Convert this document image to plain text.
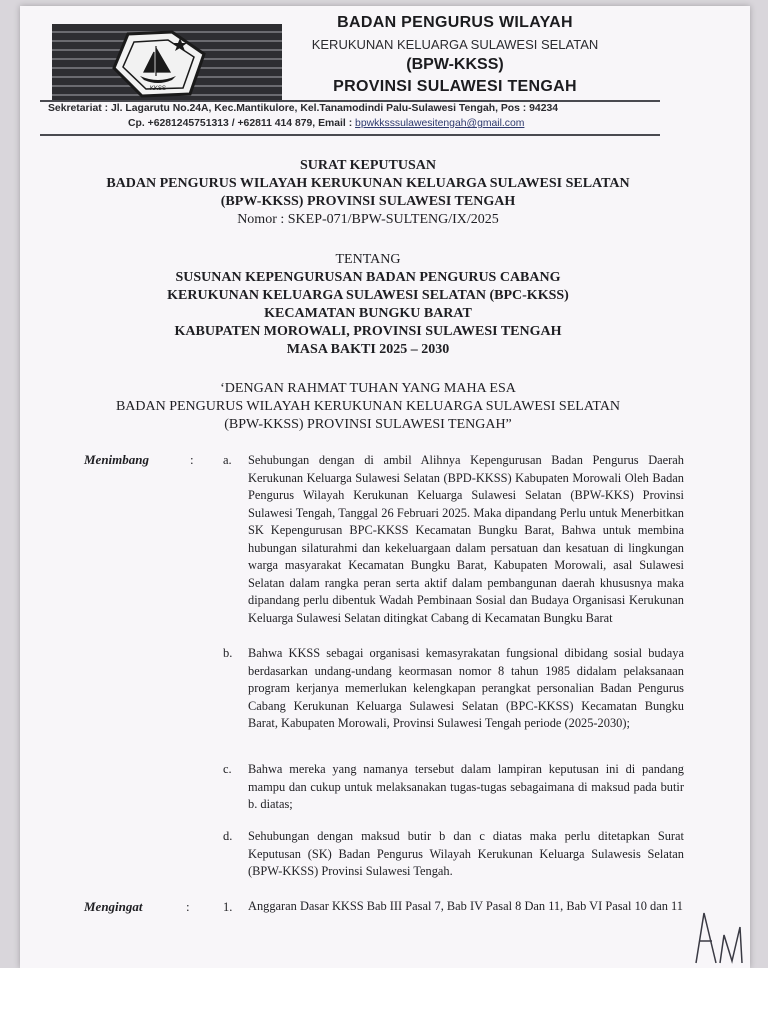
KKSS
BADAN PENGURUS WILAYAH
KERUKUNAN KELUARGA SULAWESI SELATAN
(BPW-KKSS)
PROVINSI SULAWESI TENGAH
Sekretariat : Jl. Lagarutu No.24A, Kec.Mantikulore, Kel.Tanamodindi Palu-Sulawesi Tengah, Pos : 94234
Cp. +6281245751313 / +62811 414 879, Email : bpwkksssulawesitengah@gmail.com
SURAT KEPUTUSAN
BADAN PENGURUS WILAYAH KERUKUNAN KELUARGA SULAWESI SELATAN
(BPW-KKSS) PROVINSI SULAWESI TENGAH
Nomor : SKEP-071/BPW-SULTENG/IX/2025
TENTANG
SUSUNAN KEPENGURUSAN BADAN PENGURUS CABANG
KERUKUNAN KELUARGA SULAWESI SELATAN (BPC-KKSS)
KECAMATAN BUNGKU BARAT
KABUPATEN MOROWALI, PROVINSI SULAWESI TENGAH
MASA BAKTI 2025 – 2030
‘DENGAN RAHMAT TUHAN YANG MAHA ESA
BADAN PENGURUS WILAYAH KERUKUNAN KELUARGA SULAWESI SELATAN
(BPW-KKSS) PROVINSI SULAWESI TENGAH”
Menimbang	: a. Sehubungan dengan di ambil Alihnya Kepengurusan Badan Pengurus Daerah Kerukunan Keluarga Sulawesi Selatan (BPD-KKSS) Kabupaten Morowali Oleh Badan Pengurus Wilayah Kerukunan Keluarga Sulawesi Selatan (BPW-KKS) Provinsi Sulawesi Tengah, Tanggal 26 Februari 2025. Maka dipandang Perlu untuk Menerbitkan SK Kepengurusan BPC-KKSS Kecamatan Bungku Barat, Bahwa untuk membina hubungan silaturahmi dan kekeluargaan dalam persatuan dan kesatuan di lingkungan warga masyarakat Kecamatan Bungku Barat, Kabupaten Morowali, asal Sulawesi Selatan dalam rangka peran serta aktif dalam pembangunan daerah khususnya maka dipandang perlu dibentuk Wadah Pembinaan Sosial dan Budaya Organisasi Kerukunan Keluarga Sulawesi Selatan ditingkat Cabang di Kecamatan Bungku Barat
b. Bahwa KKSS sebagai organisasi kemasyrakatan fungsional dibidang sosial budaya berdasarkan undang-undang keormasan nomor 8 tahun 1985 didalam pelaksanaan program kerjanya memerlukan kelengkapan perangkat personalian Badan Pengurus Cabang Kerukunan Keluarga Sulawesi Selatan (BPC-KKSS) Kecamatan Bungku Barat, Kabupaten Morowali, Provinsi Sulawesi Tengah periode (2025-2030);
c. Bahwa mereka yang namanya tersebut dalam lampiran keputusan ini di pandang mampu dan cukup untuk melaksanakan tugas-tugas sebagaimana di maksud pada butir b. diatas;
d. Sehubungan dengan maksud butir b dan c diatas maka perlu ditetapkan Surat Keputusan (SK) Badan Pengurus Wilayah Kerukunan Keluarga Sulawesis Selatan (BPW-KKSS) Provinsi Sulawesi Tengah.
Mengingat	:	1. Anggaran Dasar KKSS Bab III Pasal 7, Bab IV Pasal 8 Dan 11, Bab VI Pasal 10 dan 11
